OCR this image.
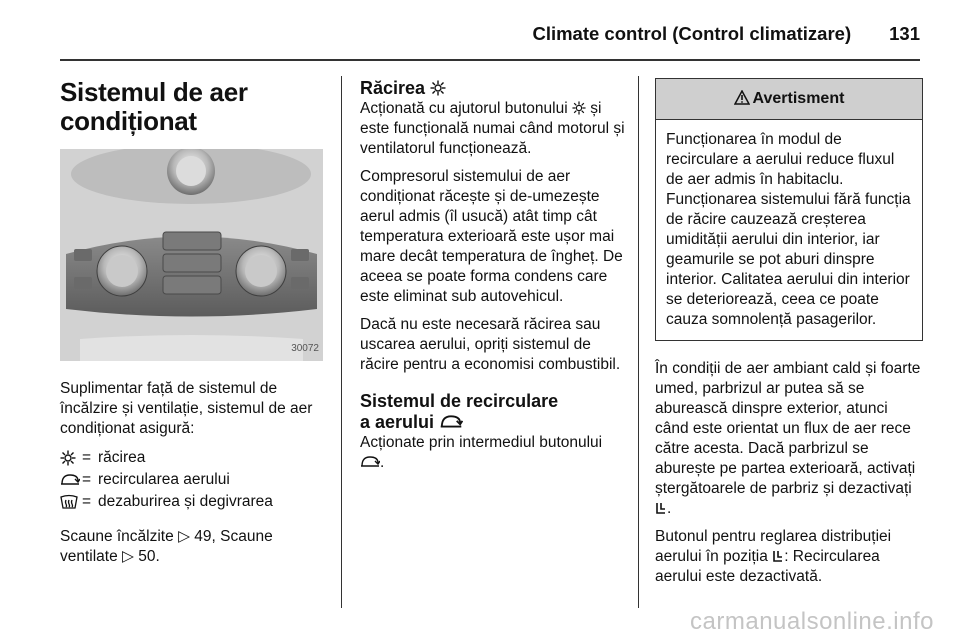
Climate control (Control climatizare) 131
Sistemul de aer
condiționat
30072

Suplimentar față de sistemul de încălzire și ventilație, sistemul de aer condiționat asigură:

= răcirea
= recircularea aerului
= dezaburirea și degivrarea

Scaune încălzite ▷ 49, Scaune
ventilate ▷ 50.

Răcirea

Acționată cu ajutorul butonului și este funcțională numai când motorul și ventilatorul funcționează.

Compresorul sistemului de aer condiționat răcește și de-umezește aerul admis (îl usucă) atât timp cât temperatura exterioară este ușor mai mare decât temperatura de îngheț. De aceea se poate forma condens care este eliminat sub autovehicul.

Dacă nu este necesară răcirea sau uscarea aerului, opriți sistemul de răcire pentru a economisi combustibil.

Sistemul de recirculare
a aerului

Acționate prin intermediul butonului
.

Avertisment
Funcționarea în modul de recirculare a aerului reduce fluxul de aer admis în habitaclu. Funcționarea sistemului fără funcția de răcire cauzează creșterea umidității aerului din interior, iar geamurile se pot aburi dinspre interior. Calitatea aerului din interior se deteriorează, ceea ce poate cauza somnolență pasagerilor.

În condiții de aer ambiant cald și foarte umed, parbrizul ar putea să se aburească dinspre exterior, atunci când este orientat un flux de aer rece către acesta. Dacă parbrizul se aburește pe partea exterioară, activați ștergătoarele de parbriz și dezactivați .

Butonul pentru reglarea distribuției aerului în poziția : Recircularea aerului este dezactivată.

carmanualsonline.info
